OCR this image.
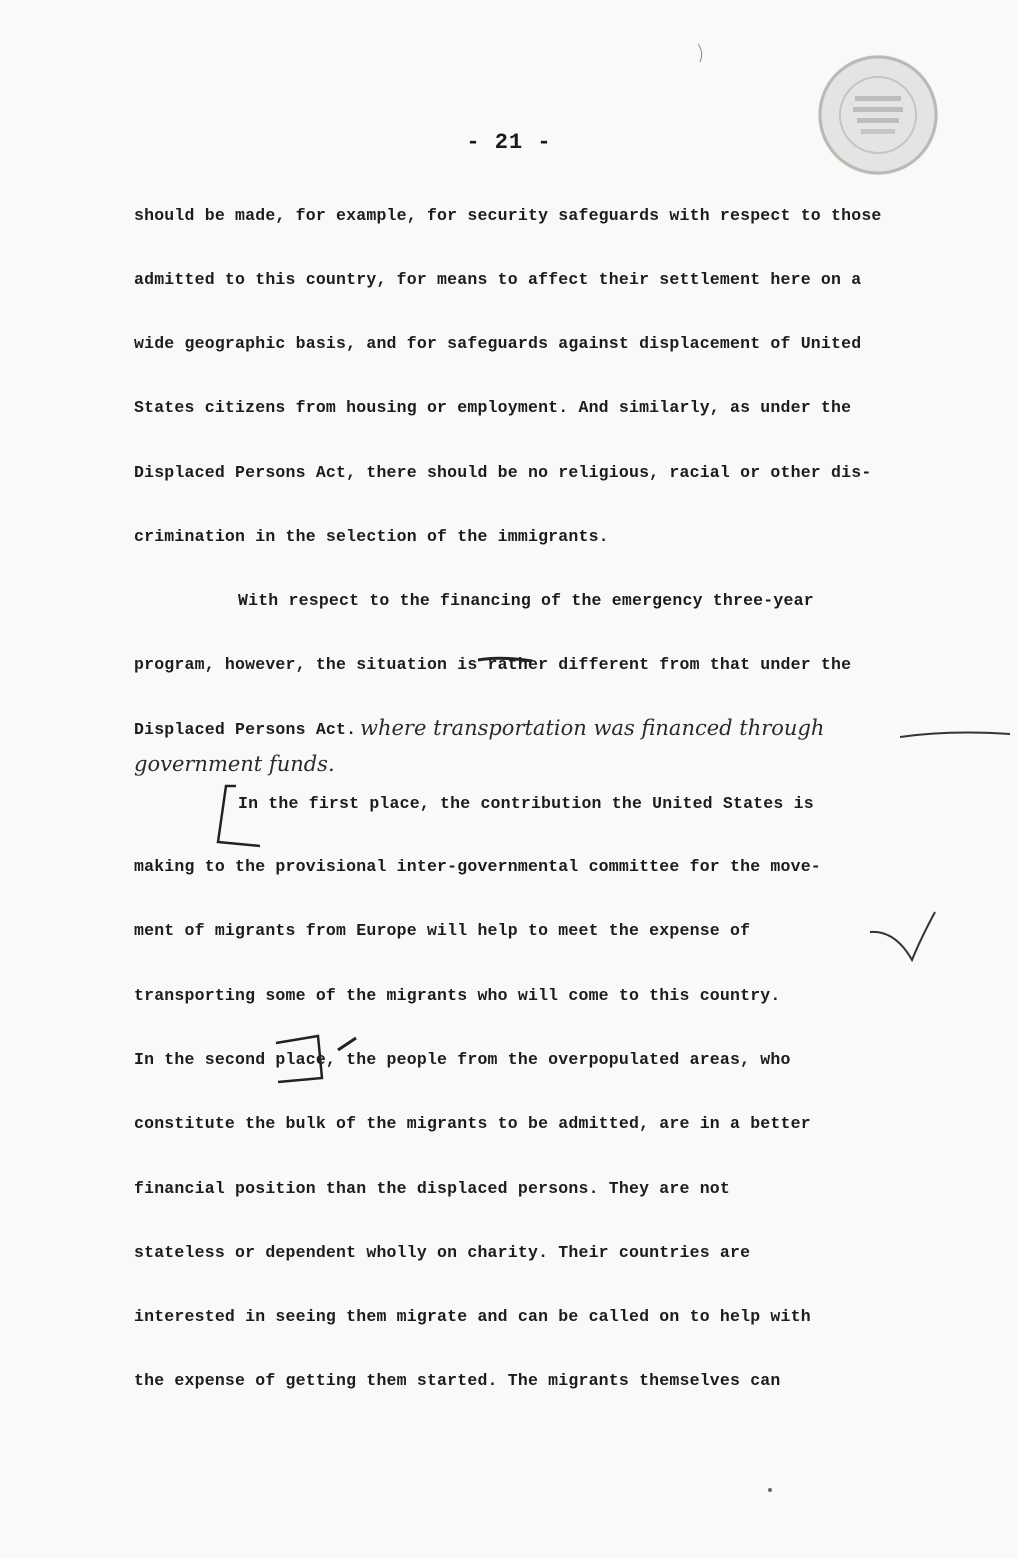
- 21 -
should be made, for example, for security safeguards with respect to those
admitted to this country, for means to affect their settlement here on a
wide geographic basis, and for safeguards against displacement of United
States citizens from housing or employment. And similarly, as under the
Displaced Persons Act, there should be no religious, racial or other dis-
crimination in the selection of the immigrants.
With respect to the financing of the emergency three-year
program, however, the situation is rather different from that under the
Displaced Persons Act. where transportation was financed through
government funds.
In the first place, the contribution the United States is
making to the provisional inter-governmental committee for the move-
ment of migrants from Europe will help to meet the expense of
transporting some of the migrants who will come to this country.
In the second place, the people from the overpopulated areas, who
constitute the bulk of the migrants to be admitted, are in a better
financial position than the displaced persons. They are not
stateless or dependent wholly on charity. Their countries are
interested in seeing them migrate and can be called on to help with
the expense of getting them started. The migrants themselves can
